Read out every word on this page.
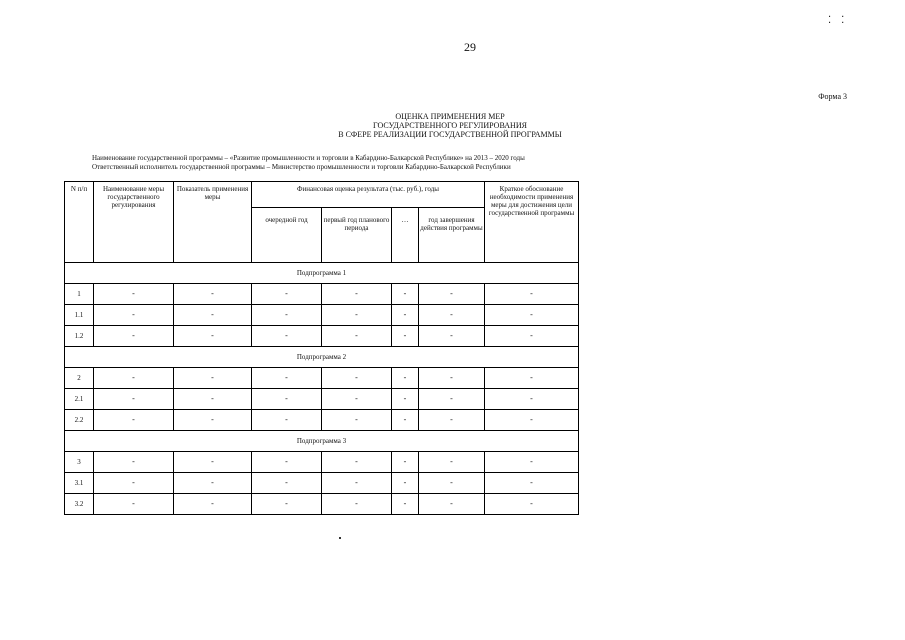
⁚    ⁚
29
Форма 3
ОЦЕНКА ПРИМЕНЕНИЯ МЕР
ГОСУДАРСТВЕННОГО РЕГУЛИРОВАНИЯ
В СФЕРЕ РЕАЛИЗАЦИИ ГОСУДАРСТВЕННОЙ ПРОГРАММЫ
Наименование государственной программы – «Развитие промышленности и торговли в Кабардино-Балкарской Республике» на 2013 – 2020 годы
Ответственный исполнитель государственной программы – Министерство промышленности и торговли Кабардино-Балкарской Республики
N п/п	Наименование меры государственного регулирования	Показатель применения меры	Финансовая оценка результата (тыс. руб.), годы				Краткое обоснование необходимости применения меры для достижения цели государственной программы
			очередной год	первый год планового периода	…	год завершения действия программы	
Подпрограмма 1							
1	-	-	-	-	-	-	-
1.1	-	-	-	-	-	-	-
1.2	-	-	-	-	-	-	-
Подпрограмма 2							
2	-	-	-	-	-	-	-
2.1	-	-	-	-	-	-	-
2.2	-	-	-	-	-	-	-
Подпрограмма 3							
3	-	-	-	-	-	-	-
3.1	-	-	-	-	-	-	-
3.2	-	-	-	-	-	-	-
